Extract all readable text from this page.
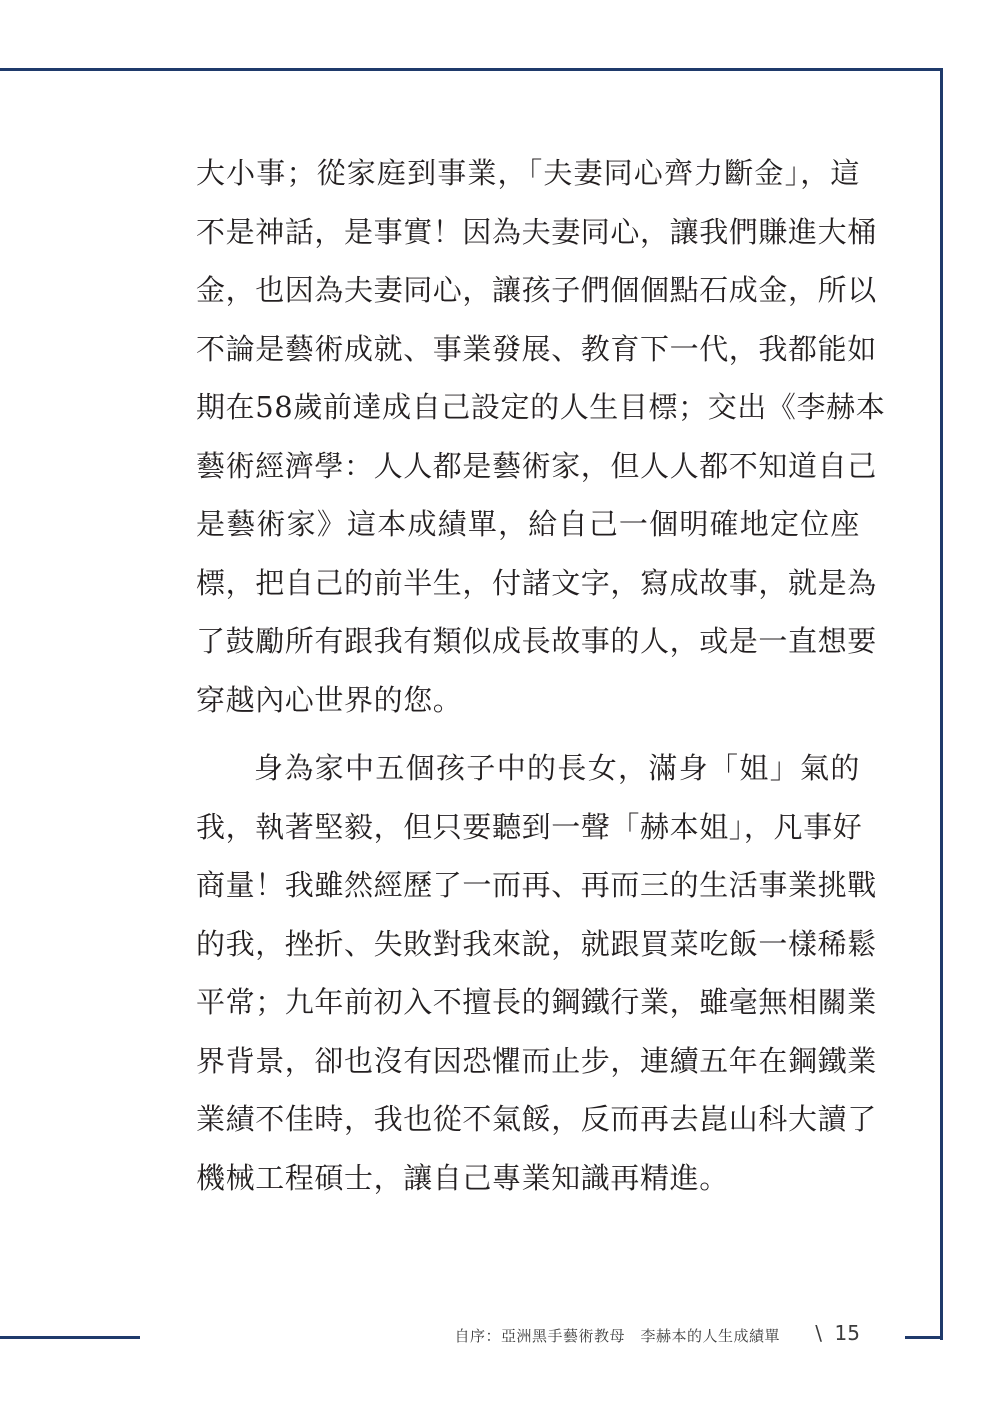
大小事；從家庭到事業，「夫妻同心齊力斷金」，這
不是神話，是事實！因為夫妻同心，讓我們賺進大桶
金，也因為夫妻同心，讓孩子們個個點石成金，所以
不論是藝術成就、事業發展、教育下一代，我都能如
期在58歲前達成自己設定的人生目標；交出《李赫本
藝術經濟學：人人都是藝術家，但人人都不知道自己
是藝術家》這本成績單，給自己一個明確地定位座
標，把自己的前半生，付諸文字，寫成故事，就是為
了鼓勵所有跟我有類似成長故事的人，或是一直想要
穿越內心世界的您。
身為家中五個孩子中的長女，滿身「姐」氣的
我，執著堅毅，但只要聽到一聲「赫本姐」，凡事好
商量！我雖然經歷了一而再、再而三的生活事業挑戰
的我，挫折、失敗對我來說，就跟買菜吃飯一樣稀鬆
平常；九年前初入不擅長的鋼鐵行業，雖毫無相關業
界背景，卻也沒有因恐懼而止步，連續五年在鋼鐵業
業績不佳時，我也從不氣餒，反而再去崑山科大讀了
機械工程碩士，讓自己專業知識再精進。
自序：亞洲黑手藝術教母　李赫本的人生成績單 \ 15
